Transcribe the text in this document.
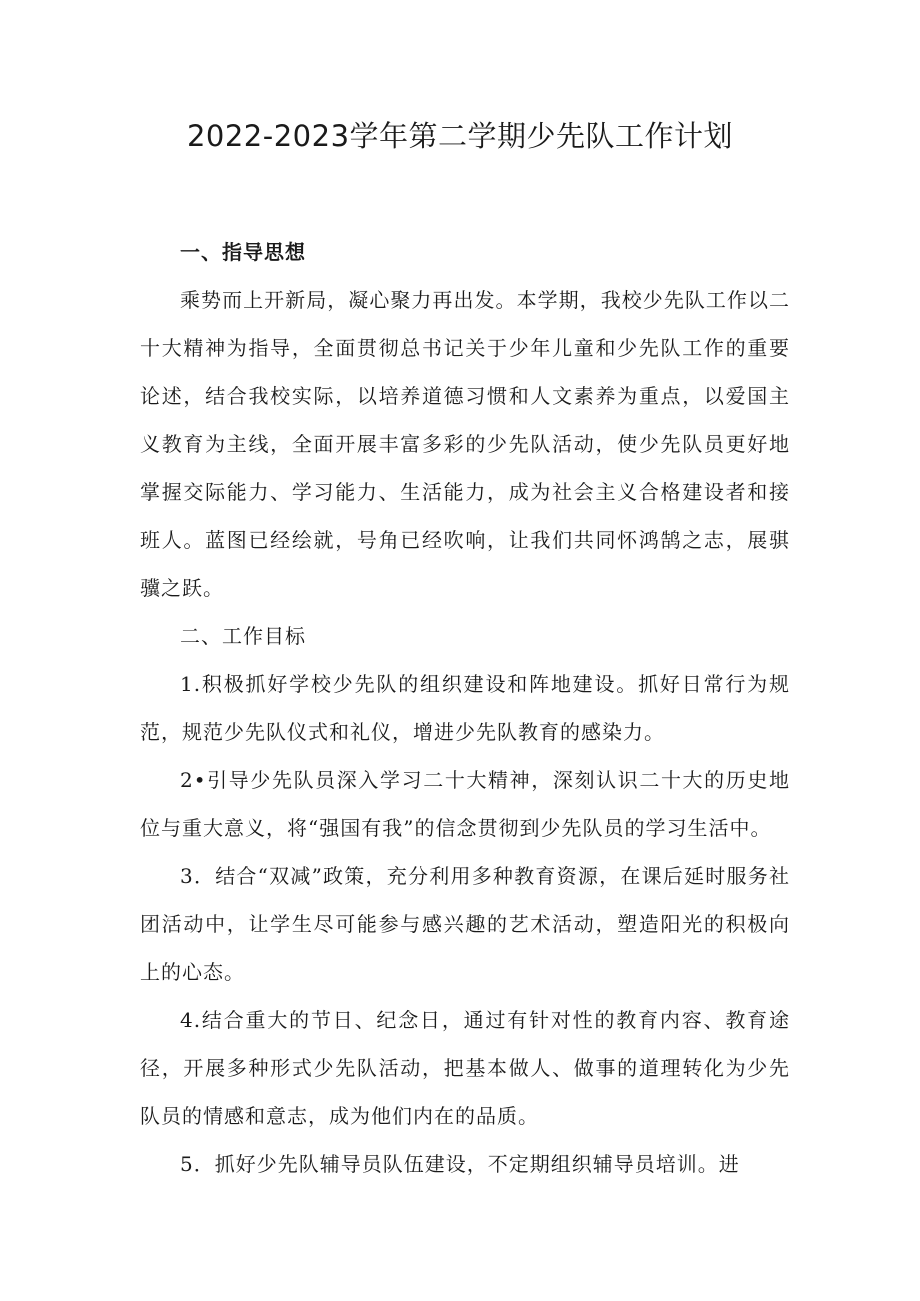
2022-2023学年第二学期少先队工作计划

一、指导思想

乘势而上开新局，凝心聚力再出发。本学期，我校少先队工作以二十大精神为指导，全面贯彻总书记关于少年儿童和少先队工作的重要论述，结合我校实际，以培养道德习惯和人文素养为重点，以爱国主义教育为主线，全面开展丰富多彩的少先队活动，使少先队员更好地掌握交际能力、学习能力、生活能力，成为社会主义合格建设者和接班人。蓝图已经绘就，号角已经吹响，让我们共同怀鸿鹄之志，展骐骥之跃。

二、工作目标

1.积极抓好学校少先队的组织建设和阵地建设。抓好日常行为规范，规范少先队仪式和礼仪，增进少先队教育的感染力。

2•引导少先队员深入学习二十大精神，深刻认识二十大的历史地位与重大意义，将“强国有我”的信念贯彻到少先队员的学习生活中。

3．结合“双减”政策，充分利用多种教育资源，在课后延时服务社团活动中，让学生尽可能参与感兴趣的艺术活动，塑造阳光的积极向上的心态。

4.结合重大的节日、纪念日，通过有针对性的教育内容、教育途径，开展多种形式少先队活动，把基本做人、做事的道理转化为少先队员的情感和意志，成为他们内在的品质。

5．抓好少先队辅导员队伍建设，不定期组织辅导员培训。进
